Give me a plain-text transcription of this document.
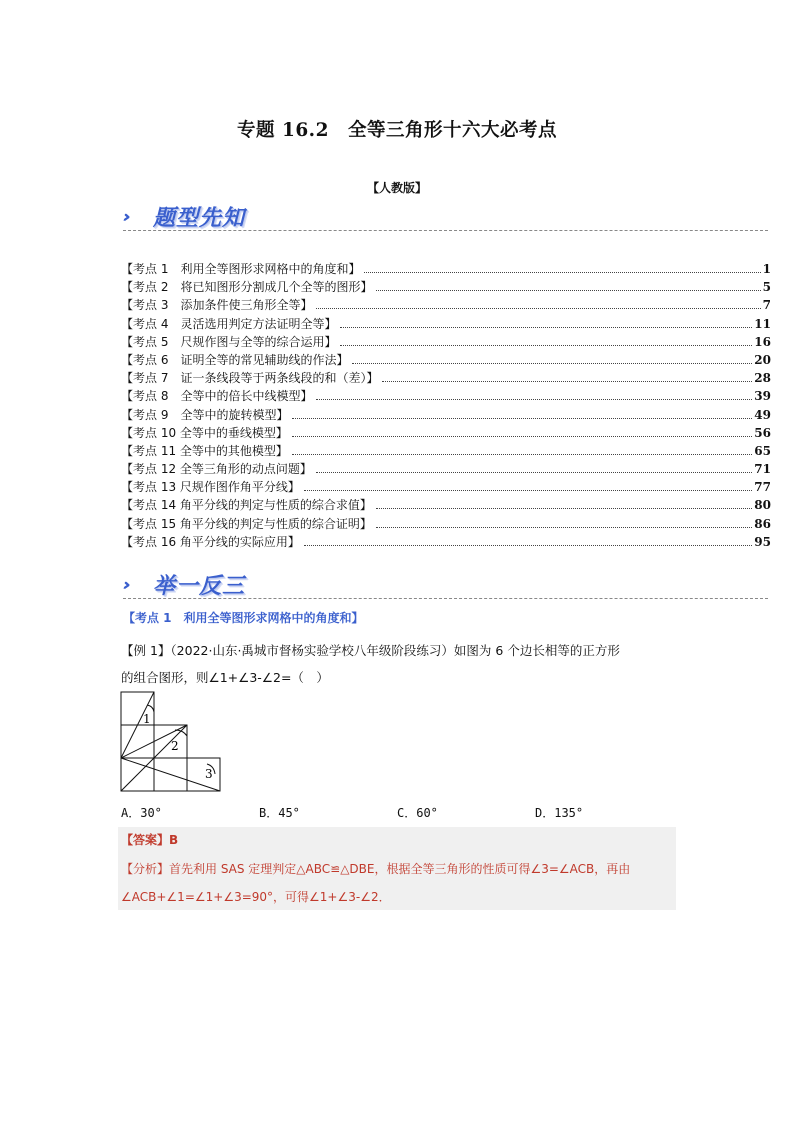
专题 16.2　全等三角形十六大必考点
【人教版】
››› 题型先知
【考点 1　利用全等图形求网格中的角度和】	1
【考点 2　将已知图形分割成几个全等的图形】	5
【考点 3　添加条件使三角形全等】	7
【考点 4　灵活选用判定方法证明全等】	11
【考点 5　尺规作图与全等的综合运用】	16
【考点 6　证明全等的常见辅助线的作法】	20
【考点 7　证一条线段等于两条线段的和（差）】	28
【考点 8　全等中的倍长中线模型】	39
【考点 9　全等中的旋转模型】	49
【考点 10 全等中的垂线模型】	56
【考点 11 全等中的其他模型】	65
【考点 12 全等三角形的动点问题】	71
【考点 13 尺规作图作角平分线】	77
【考点 14 角平分线的判定与性质的综合求值】	80
【考点 15 角平分线的判定与性质的综合证明】	86
【考点 16 角平分线的实际应用】	95
››› 举一反三
【考点 1　利用全等图形求网格中的角度和】
【例 1】（2022·山东·禹城市督杨实验学校八年级阶段练习）如图为 6 个边长相等的正方形
的组合图形，则∠1+∠3-∠2=（　）
1
2
3
A．30°	B．45°	C．60°	D．135°
【答案】B
【分析】首先利用 SAS 定理判定△ABC≌△DBE，根据全等三角形的性质可得∠3=∠ACB，再由∠ACB+∠1=∠1+∠3=90°，可得∠1+∠3-∠2．
